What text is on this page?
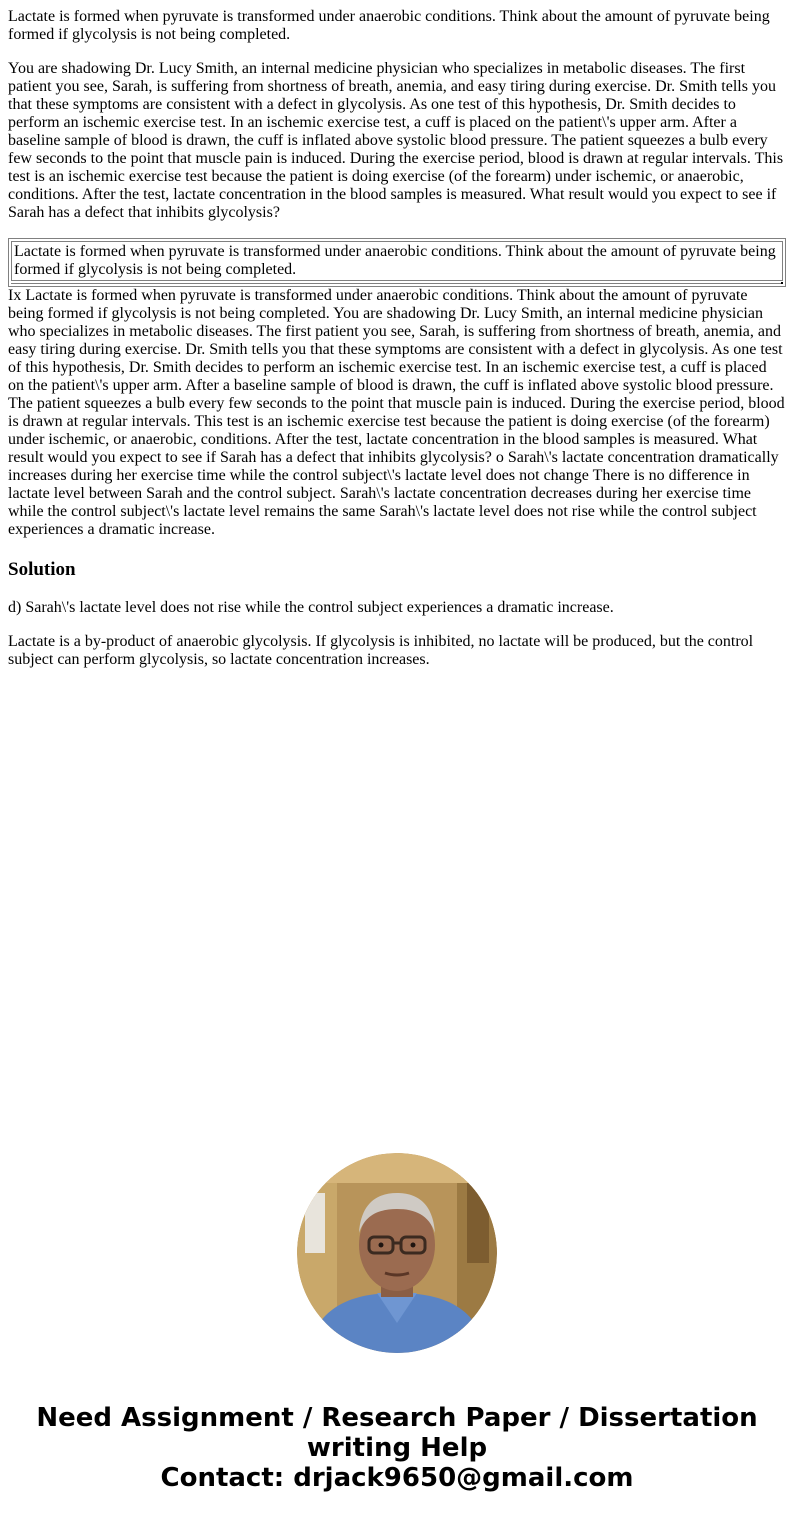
Lactate is formed when pyruvate is transformed under anaerobic conditions. Think about the amount of pyruvate being formed if glycolysis is not being completed.

You are shadowing Dr. Lucy Smith, an internal medicine physician who specializes in metabolic diseases. The first patient you see, Sarah, is suffering from shortness of breath, anemia, and easy tiring during exercise. Dr. Smith tells you that these symptoms are consistent with a defect in glycolysis. As one test of this hypothesis, Dr. Smith decides to perform an ischemic exercise test. In an ischemic exercise test, a cuff is placed on the patient\'s upper arm. After a baseline sample of blood is drawn, the cuff is inflated above systolic blood pressure. The patient squeezes a bulb every few seconds to the point that muscle pain is induced. During the exercise period, blood is drawn at regular intervals. This test is an ischemic exercise test because the patient is doing exercise (of the forearm) under ischemic, or anaerobic, conditions. After the test, lactate concentration in the blood samples is measured. What result would you expect to see if Sarah has a defect that inhibits glycolysis?

Lactate is formed when pyruvate is transformed under anaerobic conditions. Think about the amount of pyruvate being formed if glycolysis is not being completed.

Ix Lactate is formed when pyruvate is transformed under anaerobic conditions. Think about the amount of pyruvate being formed if glycolysis is not being completed. You are shadowing Dr. Lucy Smith, an internal medicine physician who specializes in metabolic diseases. The first patient you see, Sarah, is suffering from shortness of breath, anemia, and easy tiring during exercise. Dr. Smith tells you that these symptoms are consistent with a defect in glycolysis. As one test of this hypothesis, Dr. Smith decides to perform an ischemic exercise test. In an ischemic exercise test, a cuff is placed on the patient\'s upper arm. After a baseline sample of blood is drawn, the cuff is inflated above systolic blood pressure. The patient squeezes a bulb every few seconds to the point that muscle pain is induced. During the exercise period, blood is drawn at regular intervals. This test is an ischemic exercise test because the patient is doing exercise (of the forearm) under ischemic, or anaerobic, conditions. After the test, lactate concentration in the blood samples is measured. What result would you expect to see if Sarah has a defect that inhibits glycolysis? o Sarah\'s lactate concentration dramatically increases during her exercise time while the control subject\'s lactate level does not change There is no difference in lactate level between Sarah and the control subject. Sarah\'s lactate concentration decreases during her exercise time while the control subject\'s lactate level remains the same Sarah\'s lactate level does not rise while the control subject experiences a dramatic increase.

Solution

d) Sarah\'s lactate level does not rise while the control subject experiences a dramatic increase.

Lactate is a by-product of anaerobic glycolysis. If glycolysis is inhibited, no lactate will be produced, but the control subject can perform glycolysis, so lactate concentration increases.

Need Assignment / Research Paper / Dissertation
writing Help
Contact: drjack9650@gmail.com
